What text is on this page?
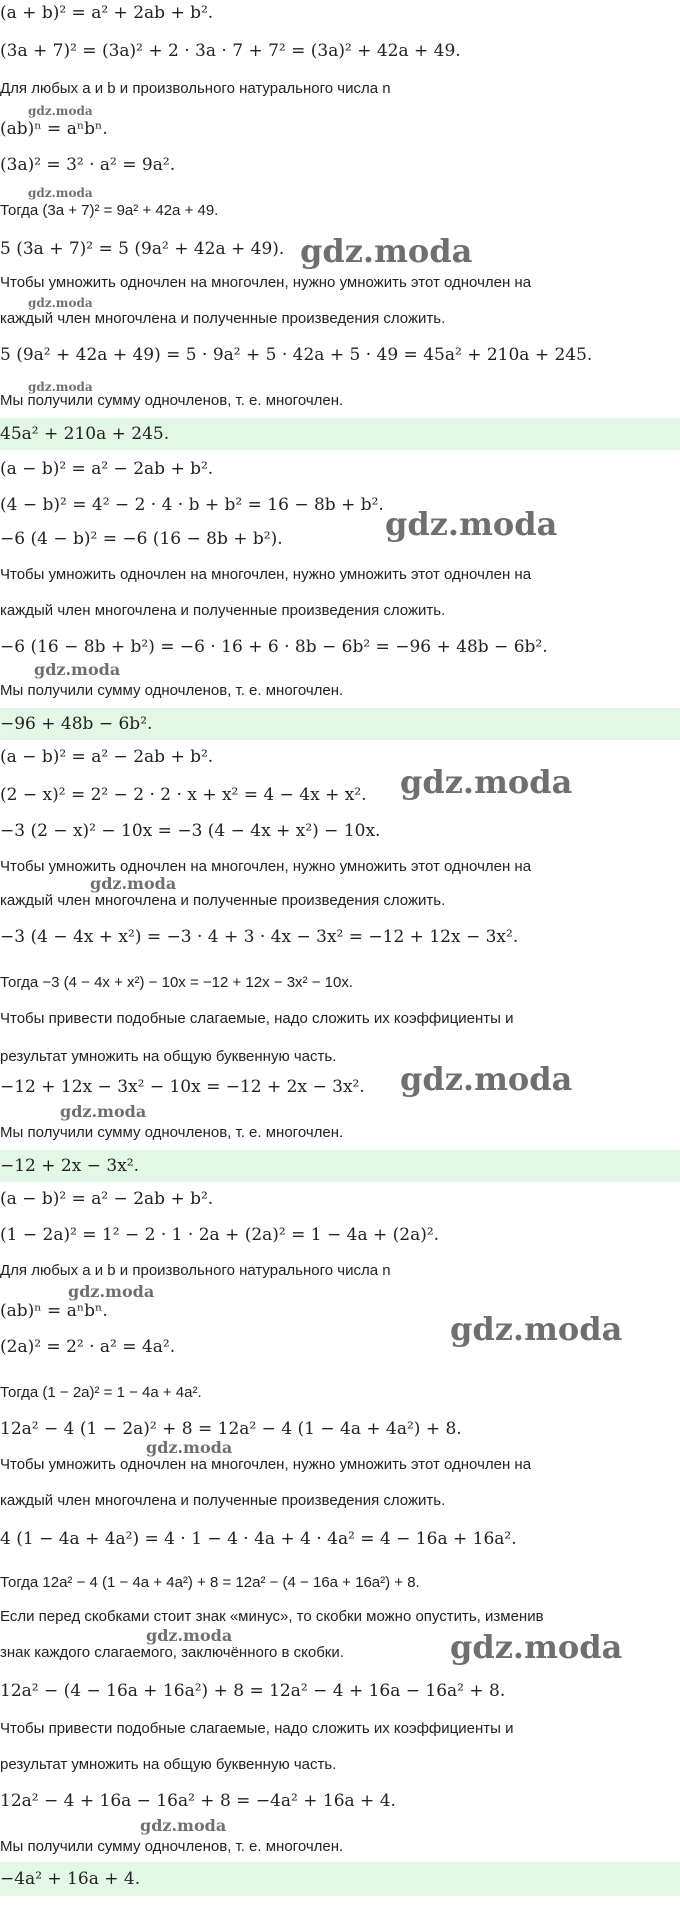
(a + b)² = a² + 2ab + b².
(3a + 7)² = (3a)² + 2 · 3a · 7 + 7² = (3a)² + 42a + 49.
Для любых a и b и произвольного натурального числа n
(ab)ⁿ = aⁿbⁿ.
(3a)² = 3² · a² = 9a².
Тогда (3a + 7)² = 9a² + 42a + 49.
5 (3a + 7)² = 5 (9a² + 42a + 49).
Чтобы умножить одночлен на многочлен, нужно умножить этот одночлен на
каждый член многочлена и полученные произведения сложить.
5 (9a² + 42a + 49) = 5 · 9a² + 5 · 42a + 5 · 49 = 45a² + 210a + 245.
Мы получили сумму одночленов, т. е. многочлен.
45a² + 210a + 245.
(a − b)² = a² − 2ab + b².
(4 − b)² = 4² − 2 · 4 · b + b² = 16 − 8b + b².
−6 (4 − b)² = −6 (16 − 8b + b²).
Чтобы умножить одночлен на многочлен, нужно умножить этот одночлен на
каждый член многочлена и полученные произведения сложить.
−6 (16 − 8b + b²) = −6 · 16 + 6 · 8b − 6b² = −96 + 48b − 6b².
Мы получили сумму одночленов, т. е. многочлен.
−96 + 48b − 6b².
(a − b)² = a² − 2ab + b².
(2 − x)² = 2² − 2 · 2 · x + x² = 4 − 4x + x².
−3 (2 − x)² − 10x = −3 (4 − 4x + x²) − 10x.
Чтобы умножить одночлен на многочлен, нужно умножить этот одночлен на
каждый член многочлена и полученные произведения сложить.
−3 (4 − 4x + x²) = −3 · 4 + 3 · 4x − 3x² = −12 + 12x − 3x².
Тогда −3 (4 − 4x + x²) − 10x = −12 + 12x − 3x² − 10x.
Чтобы привести подобные слагаемые, надо сложить их коэффициенты и
результат умножить на общую буквенную часть.
−12 + 12x − 3x² − 10x = −12 + 2x − 3x².
Мы получили сумму одночленов, т. е. многочлен.
−12 + 2x − 3x².
(a − b)² = a² − 2ab + b².
(1 − 2a)² = 1² − 2 · 1 · 2a + (2a)² = 1 − 4a + (2a)².
Для любых a и b и произвольного натурального числа n
(ab)ⁿ = aⁿbⁿ.
(2a)² = 2² · a² = 4a².
Тогда (1 − 2a)² = 1 − 4a + 4a².
12a² − 4 (1 − 2a)² + 8 = 12a² − 4 (1 − 4a + 4a²) + 8.
Чтобы умножить одночлен на многочлен, нужно умножить этот одночлен на
каждый член многочлена и полученные произведения сложить.
4 (1 − 4a + 4a²) = 4 · 1 − 4 · 4a + 4 · 4a² = 4 − 16a + 16a².
Тогда 12a² − 4 (1 − 4a + 4a²) + 8 = 12a² − (4 − 16a + 16a²) + 8.
Если перед скобками стоит знак «минус», то скобки можно опустить, изменив
знак каждого слагаемого, заключённого в скобки.
12a² − (4 − 16a + 16a²) + 8 = 12a² − 4 + 16a − 16a² + 8.
Чтобы привести подобные слагаемые, надо сложить их коэффициенты и
результат умножить на общую буквенную часть.
12a² − 4 + 16a − 16a² + 8 = −4a² + 16a + 4.
Мы получили сумму одночленов, т. е. многочлен.
−4a² + 16a + 4.
gdz.moda
gdz.moda
gdz.moda
gdz.moda
gdz.moda
gdz.moda
gdz.moda
gdz.moda
gdz.moda
gdz.moda
gdz.moda
gdz.moda
gdz.moda
gdz.moda
gdz.moda
gdz.moda
gdz.moda
